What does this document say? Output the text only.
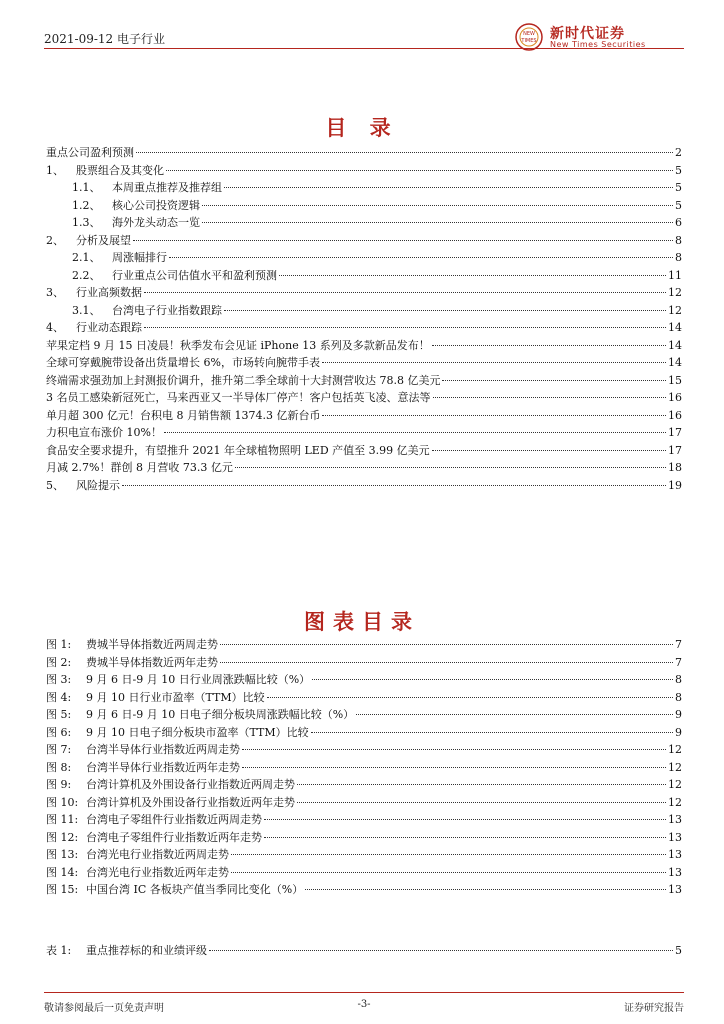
2021-09-12 电子行业	NEW
TIMES 新时代证券
New Times Securities
目 录
重点公司盈利预测	2
1、	股票组合及其变化	5
1.1、	本周重点推荐及推荐组	5
1.2、	核心公司投资逻辑	5
1.3、	海外龙头动态一览	6
2、	分析及展望	8
2.1、	周涨幅排行	8
2.2、	行业重点公司估值水平和盈利预测	11
3、	行业高频数据	12
3.1、	台湾电子行业指数跟踪	12
4、	行业动态跟踪	14
苹果定档 9 月 15 日凌晨！秋季发布会见证 iPhone 13 系列及多款新品发布！	14
全球可穿戴腕带设备出货量增长 6%，市场转向腕带手表	14
终端需求强劲加上封测报价调升，推升第二季全球前十大封测营收达 78.8 亿美元	15
3 名员工感染新冠死亡，马来西亚又一半导体厂停产！客户包括英飞凌、意法等	16
单月超 300 亿元！台积电 8 月销售额 1374.3 亿新台币	16
力积电宣布涨价 10%！	17
食品安全要求提升，有望推升 2021 年全球植物照明 LED 产值至 3.99 亿美元	17
月减 2.7%！群创 8 月营收 73.3 亿元	18
5、	风险提示	19
图表目录
图 1:	费城半导体指数近两周走势	7
图 2:	费城半导体指数近两年走势	7
图 3:	9 月 6 日-9 月 10 日行业周涨跌幅比较（%）	8
图 4:	9 月 10 日行业市盈率（TTM）比较	8
图 5:	9 月 6 日-9 月 10 日电子细分板块周涨跌幅比较（%）	9
图 6:	9 月 10 日电子细分板块市盈率（TTM）比较	9
图 7:	台湾半导体行业指数近两周走势	12
图 8:	台湾半导体行业指数近两年走势	12
图 9:	台湾计算机及外围设备行业指数近两周走势	12
图 10: 台湾计算机及外围设备行业指数近两年走势	12
图 11: 台湾电子零组件行业指数近两周走势	13
图 12: 台湾电子零组件行业指数近两年走势	13
图 13: 台湾光电行业指数近两周走势	13
图 14: 台湾光电行业指数近两年走势	13
图 15: 中国台湾 IC 各板块产值当季同比变化（%）	13
表 1:	重点推荐标的和业绩评级	5
敬请参阅最后一页免责声明	-3-	证券研究报告
